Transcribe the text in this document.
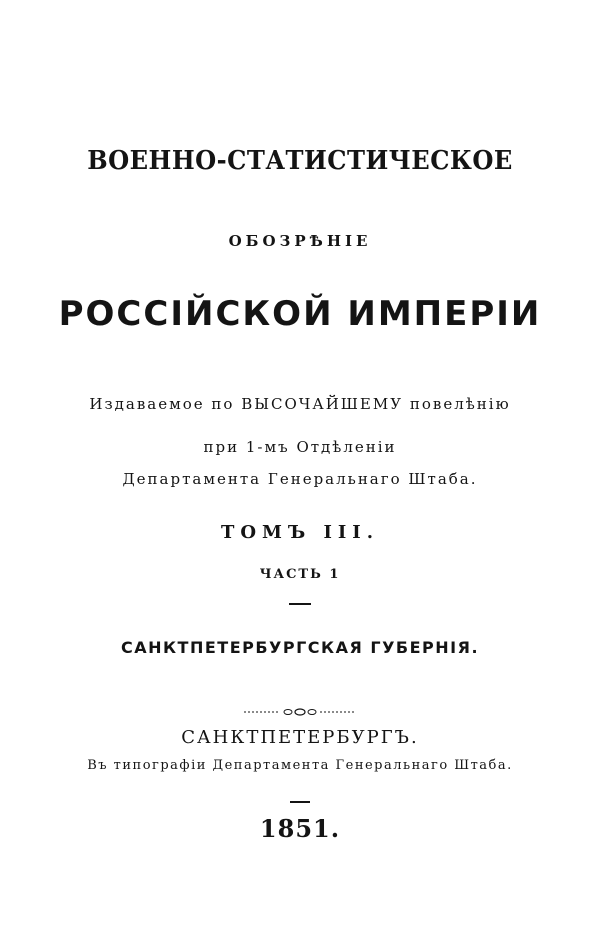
ВОЕННО-СТАТИСТИЧЕСКОЕ
ОБОЗРѢНІЕ
РОССІЙСКОЙ ИМПЕРІИ
Издаваемое по ВЫСОЧАЙШЕМУ повелѣнію
при 1-мъ Отдѣленіи
Департамента Генеральнаго Штаба.
ТОМЪ III.
ЧАСТЬ 1
САНКТПЕТЕРБУРГСКАЯ ГУБЕРНІЯ.
САНКТПЕТЕРБУРГЪ.
Въ типографіи Департамента Генеральнаго Штаба.
1851.
